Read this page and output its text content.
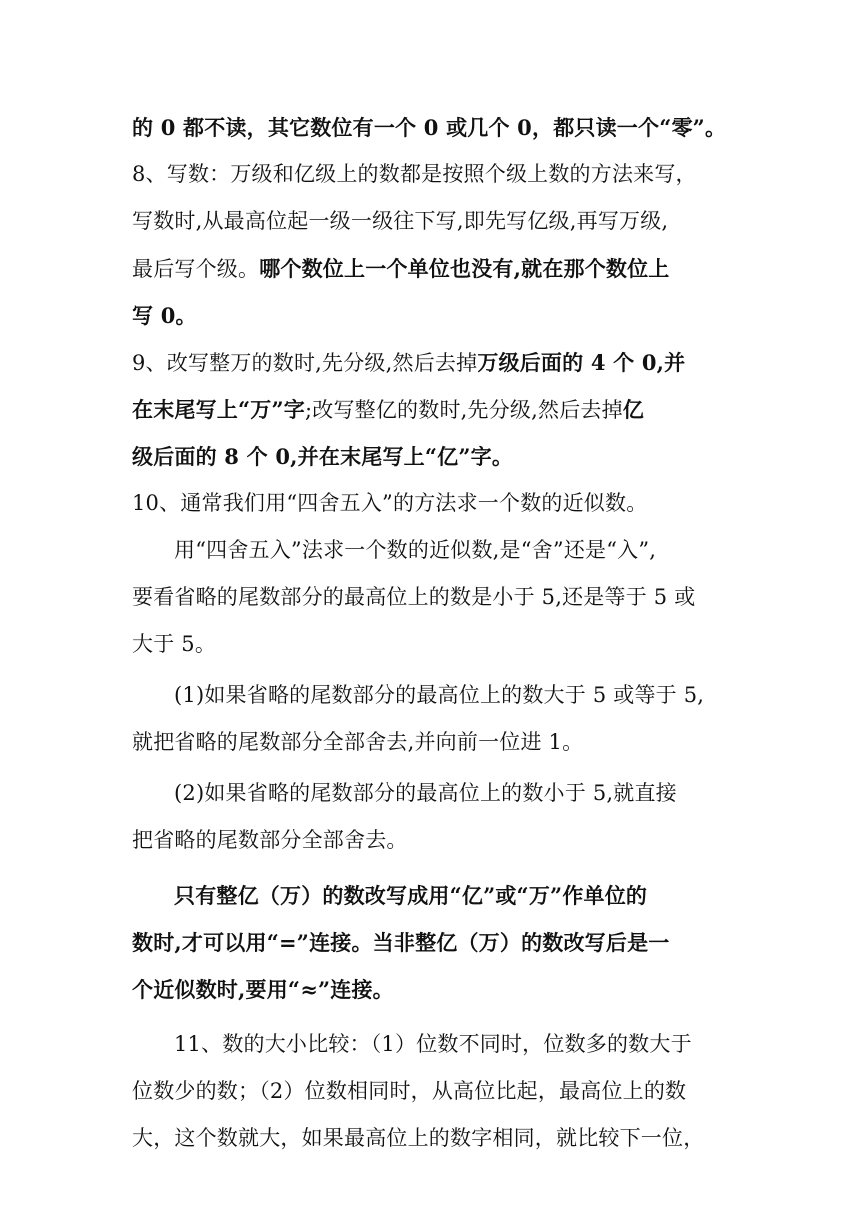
的 0 都不读，其它数位有一个 0 或几个 0，都只读一个“零”。
8、写数：万级和亿级上的数都是按照个级上数的方法来写，
写数时,从最高位起一级一级往下写,即先写亿级,再写万级,
最后写个级。哪个数位上一个单位也没有,就在那个数位上
写 0。
9、改写整万的数时,先分级,然后去掉万级后面的 4 个 0,并
在末尾写上“万”字;改写整亿的数时,先分级,然后去掉亿
级后面的 8 个 0,并在末尾写上“亿”字。
10、通常我们用“四舍五入”的方法求一个数的近似数。
用“四舍五入”法求一个数的近似数,是“舍”还是“入”,
要看省略的尾数部分的最高位上的数是小于 5,还是等于 5 或
大于 5。
(1)如果省略的尾数部分的最高位上的数大于 5 或等于 5,
就把省略的尾数部分全部舍去,并向前一位进 1。
(2)如果省略的尾数部分的最高位上的数小于 5,就直接
把省略的尾数部分全部舍去。
只有整亿（万）的数改写成用“亿”或“万”作单位的
数时,才可以用“=”连接。当非整亿（万）的数改写后是一
个近似数时,要用“≈”连接。
11、数的大小比较：（1）位数不同时，位数多的数大于
位数少的数；（2）位数相同时，从高位比起，最高位上的数
大，这个数就大，如果最高位上的数字相同，就比较下一位，
